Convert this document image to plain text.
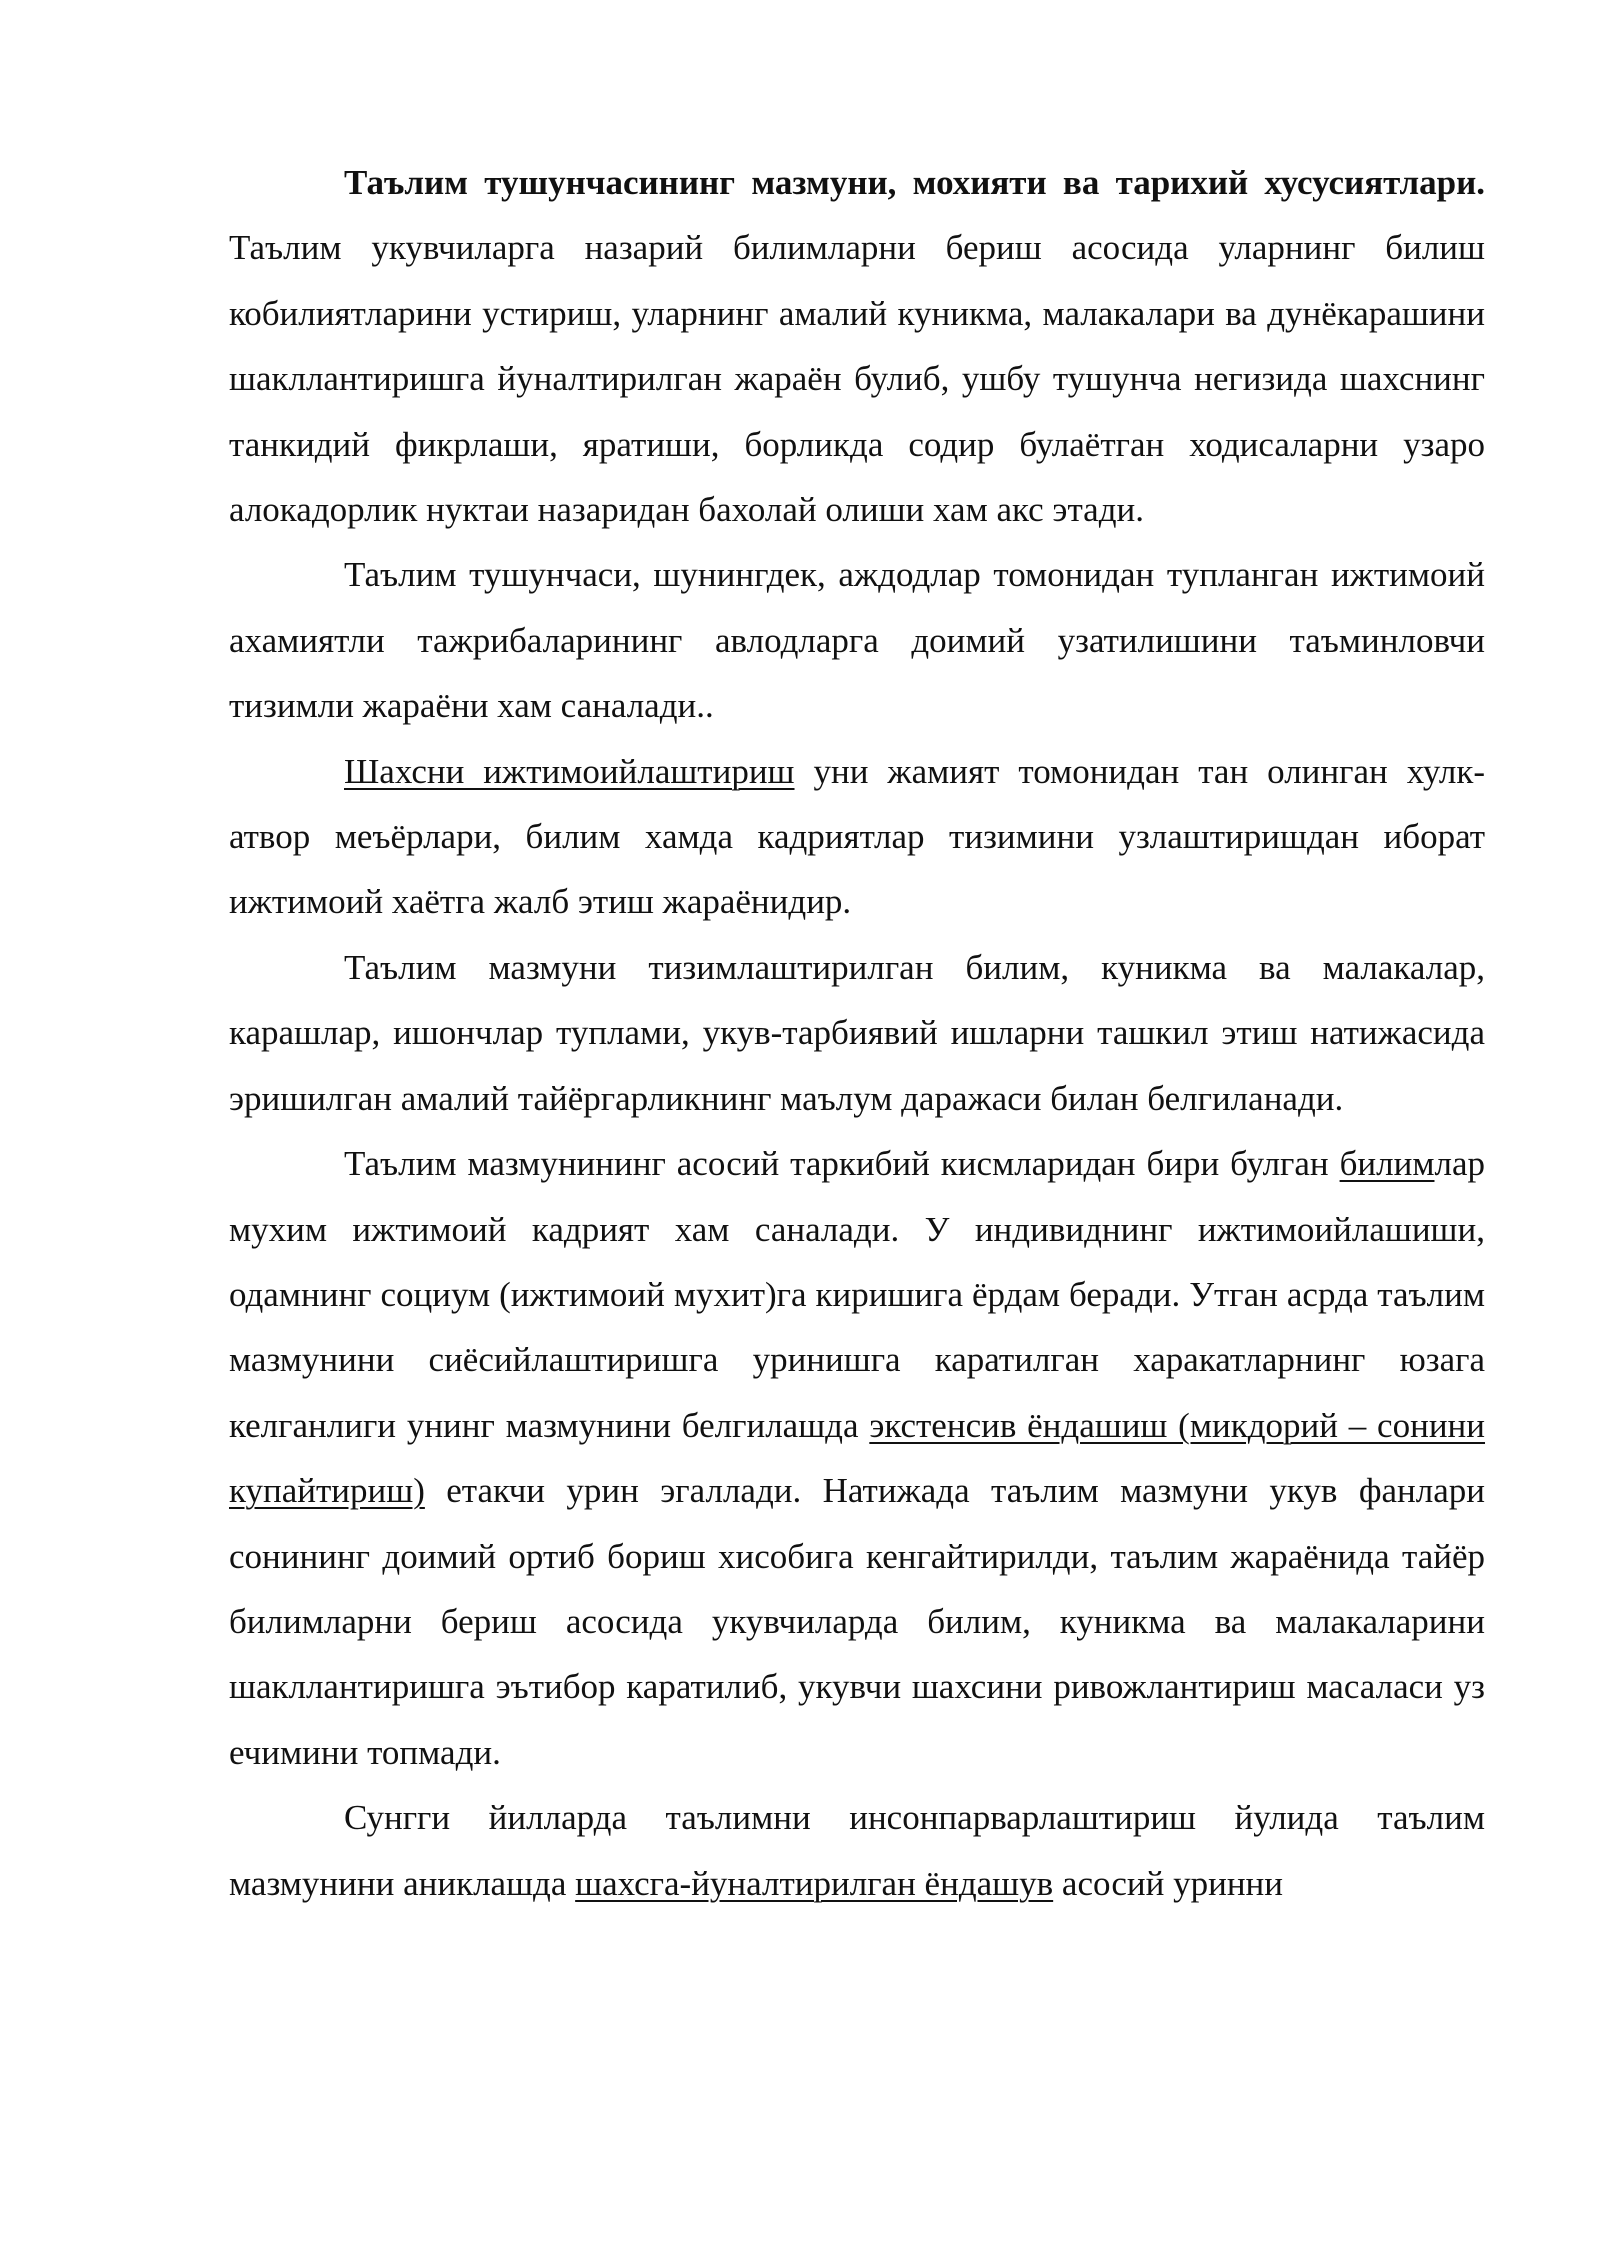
Таълим тушунчасининг мазмуни, мохияти ва тарихий хусусиятлари. Таълим укувчиларга назарий билимларни бериш асосида уларнинг билиш кобилиятларини устириш, уларнинг амалий куникма, малакалари ва дунёкарашини шакллантиришга йуналтирилган жараён булиб, ушбу тушунча негизида шахснинг танкидий фикрлаши, яратиши, борликда содир булаётган ходисаларни узаро алокадорлик нуктаи назаридан бахолай олиши хам акс этади.

Таълим тушунчаси, шунингдек, аждодлар томонидан тупланган ижтимоий ахамиятли тажрибаларининг авлодларга доимий узатилишини таъминловчи тизимли жараёни хам саналади..

Шахсни ижтимоийлаштириш уни жамият томонидан тан олинган хулк-атвор меъёрлари, билим хамда кадриятлар тизимини узлаштиришдан иборат ижтимоий хаётга жалб этиш жараёнидир.

Таълим мазмуни тизимлаштирилган билим, куникма ва малакалар, карашлар, ишончлар туплами, укув-тарбиявий ишларни ташкил этиш натижасида эришилган амалий тайёргарликнинг маълум даражаси билан белгиланади.

Таълим мазмунининг асосий таркибий кисмларидан бири булган билимлар мухим ижтимоий кадрият хам саналади. У индивиднинг ижтимоийлашиши, одамнинг социум (ижтимоий мухит)га киришига ёрдам беради. Утган асрда таълим мазмунини сиёсийлаштиришга уринишга каратилган харакатларнинг юзага келганлиги унинг мазмунини белгилашда экстенсив ёндашиш (микдорий – сонини купайтириш) етакчи урин эгаллади. Натижада таълим мазмуни укув фанлари сонининг доимий ортиб бориш хисобига кенгайтирилди, таълим жараёнида тайёр билимларни бериш асосида укувчиларда билим, куникма ва малакаларини шакллантиришга эътибор каратилиб, укувчи шахсини ривожлантириш масаласи уз ечимини топмади.

Сунгги йилларда таълимни инсонпарварлаштириш йулида таълим мазмунини аниклашда шахсга-йуналтирилган ёндашув асосий уринни
